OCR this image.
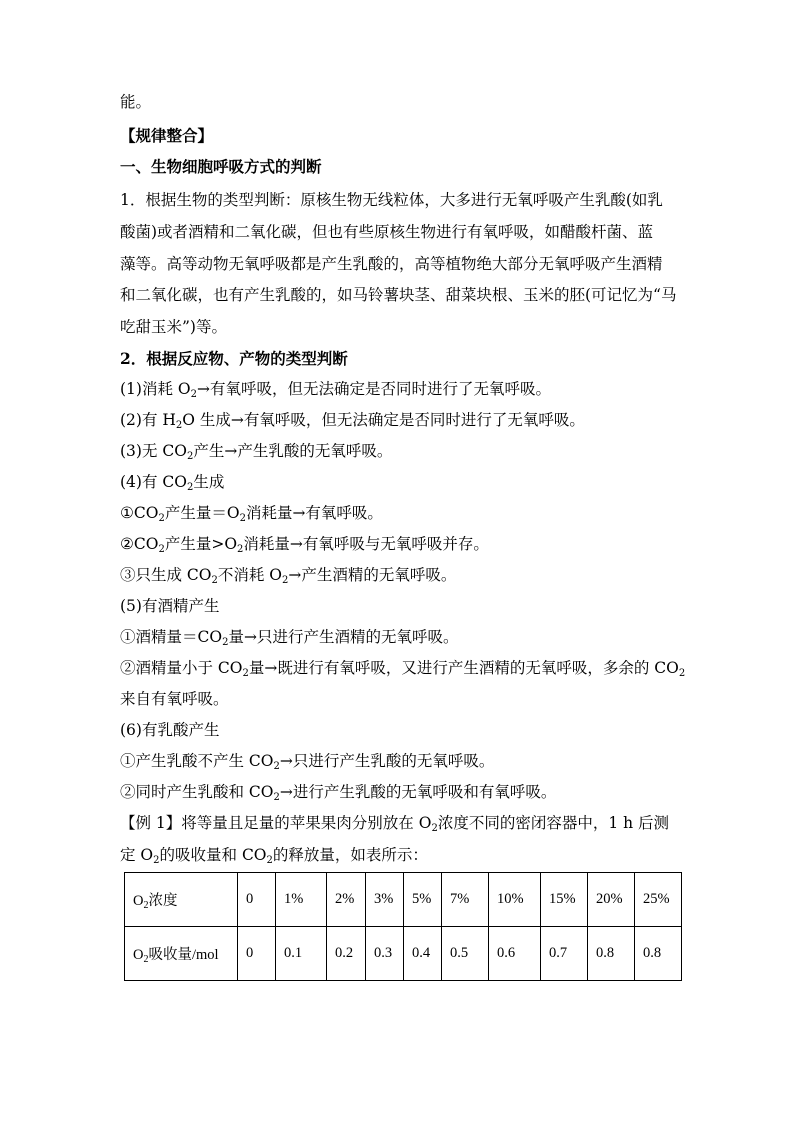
能。
【规律整合】
一、生物细胞呼吸方式的判断
1．根据生物的类型判断：原核生物无线粒体，大多进行无氧呼吸产生乳酸(如乳
酸菌)或者酒精和二氧化碳，但也有些原核生物进行有氧呼吸，如醋酸杆菌、蓝
藻等。高等动物无氧呼吸都是产生乳酸的，高等植物绝大部分无氧呼吸产生酒精
和二氧化碳，也有产生乳酸的，如马铃薯块茎、甜菜块根、玉米的胚(可记忆为“马
吃甜玉米”)等。
2．根据反应物、产物的类型判断
(1)消耗 $O_2\to$有氧呼吸，但无法确定是否同时进行了无氧呼吸。
(2)有 $H_2O$ 生成→有氧呼吸，但无法确定是否同时进行了无氧呼吸。
(3)无 $CO_2$产生→产生乳酸的无氧呼吸。
(4)有 $CO_2$生成
$①CO_2$产生量$=O_2$消耗量→有氧呼吸。
$②CO_2$产生量$>O_2$消耗量→有氧呼吸与无氧呼吸并存。
③只生成 $CO_2$不消耗 $O_2\to$产生酒精的无氧呼吸。
(5)有酒精产生
①酒精量$=CO_2$量→只进行产生酒精的无氧呼吸。
②酒精量小于 $CO_2$量→既进行有氧呼吸，又进行产生酒精的无氧呼吸，多余的 $CO_2$
来自有氧呼吸。
(6)有乳酸产生
①产生乳酸不产生 $CO_2\to$只进行产生乳酸的无氧呼吸。
②同时产生乳酸和 $CO_2\to$进行产生乳酸的无氧呼吸和有氧呼吸。
【例 1】将等量且足量的苹果果肉分别放在 $O_2$浓度不同的密闭容器中，1 h 后测
定 $O_2$的吸收量和 $CO_2$的释放量，如表所示：
$O_2$浓度	0	1%	2%	3%	5%	7%	10%	15%	20%	25%
$O_2$吸收量/mol	0	0.1	0.2	0.3	0.4	0.5	0.6	0.7	0.8	0.8
